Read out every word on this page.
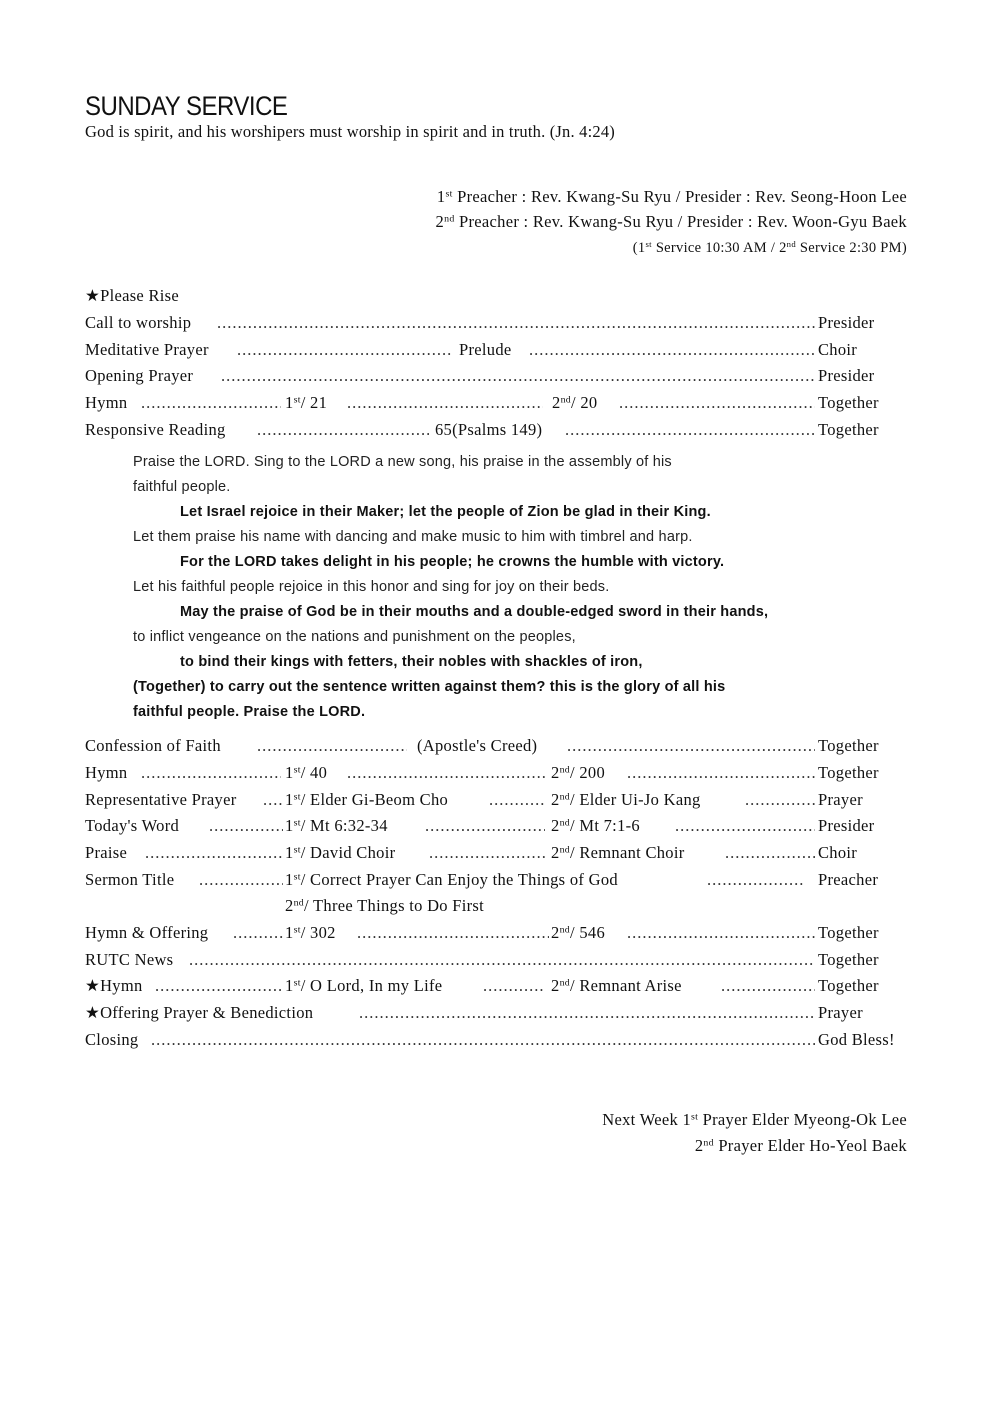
SUNDAY SERVICE
God is spirit, and his worshipers must worship in spirit and in truth. (Jn. 4:24)
1st Preacher : Rev. Kwang-Su Ryu / Presider : Rev. Seong-Hoon Lee
2nd Preacher : Rev. Kwang-Su Ryu / Presider : Rev. Woon-Gyu Baek
(1st Service 10:30 AM / 2nd Service 2:30 PM)
★Please Rise
Call to worship .....	Presider
Meditative Prayer .....	Prelude .....	Choir
Opening Prayer .....	Presider
Hymn .....	1st/ 21 .....	2nd/ 20 .....	Together
Responsive Reading .....	65(Psalms 149) .....	Together
Praise the LORD. Sing to the LORD a new song, his praise in the assembly of his
faithful people.
Let Israel rejoice in their Maker; let the people of Zion be glad in their King.
Let them praise his name with dancing and make music to him with timbrel and harp.
For the LORD takes delight in his people; he crowns the humble with victory.
Let his faithful people rejoice in this honor and sing for joy on their beds.
May the praise of God be in their mouths and a double-edged sword in their hands,
to inflict vengeance on the nations and punishment on the peoples,
to bind their kings with fetters, their nobles with shackles of iron,
(Together) to carry out the sentence written against them? this is the glory of all his
faithful people. Praise the LORD.
Confession of Faith .....	(Apostle's Creed) .....	Together
Hymn .....	1st/ 40 .....	2nd/ 200 .....	Together
Representative Prayer .....	1st/ Elder Gi-Beom Cho .....	2nd/ Elder Ui-Jo Kang .....	Prayer
Today's Word .....	1st/ Mt 6:32-34 .....	2nd/ Mt 7:1-6 .....	Presider
Praise .....	1st/ David Choir .....	2nd/ Remnant Choir .....	Choir
Sermon Title .....	1st/ Correct Prayer Can Enjoy the Things of God .....	Preacher
2nd/ Three Things to Do First
Hymn & Offering .....	1st/ 302 .....	2nd/ 546 .....	Together
RUTC News .....	Together
★Hymn .....	1st/ O Lord, In my Life .....	2nd/ Remnant Arise .....	Together
★Offering Prayer & Benediction .....	Prayer
Closing .....	God Bless!
Next Week 1st Prayer Elder Myeong-Ok Lee
2nd Prayer Elder Ho-Yeol Baek
